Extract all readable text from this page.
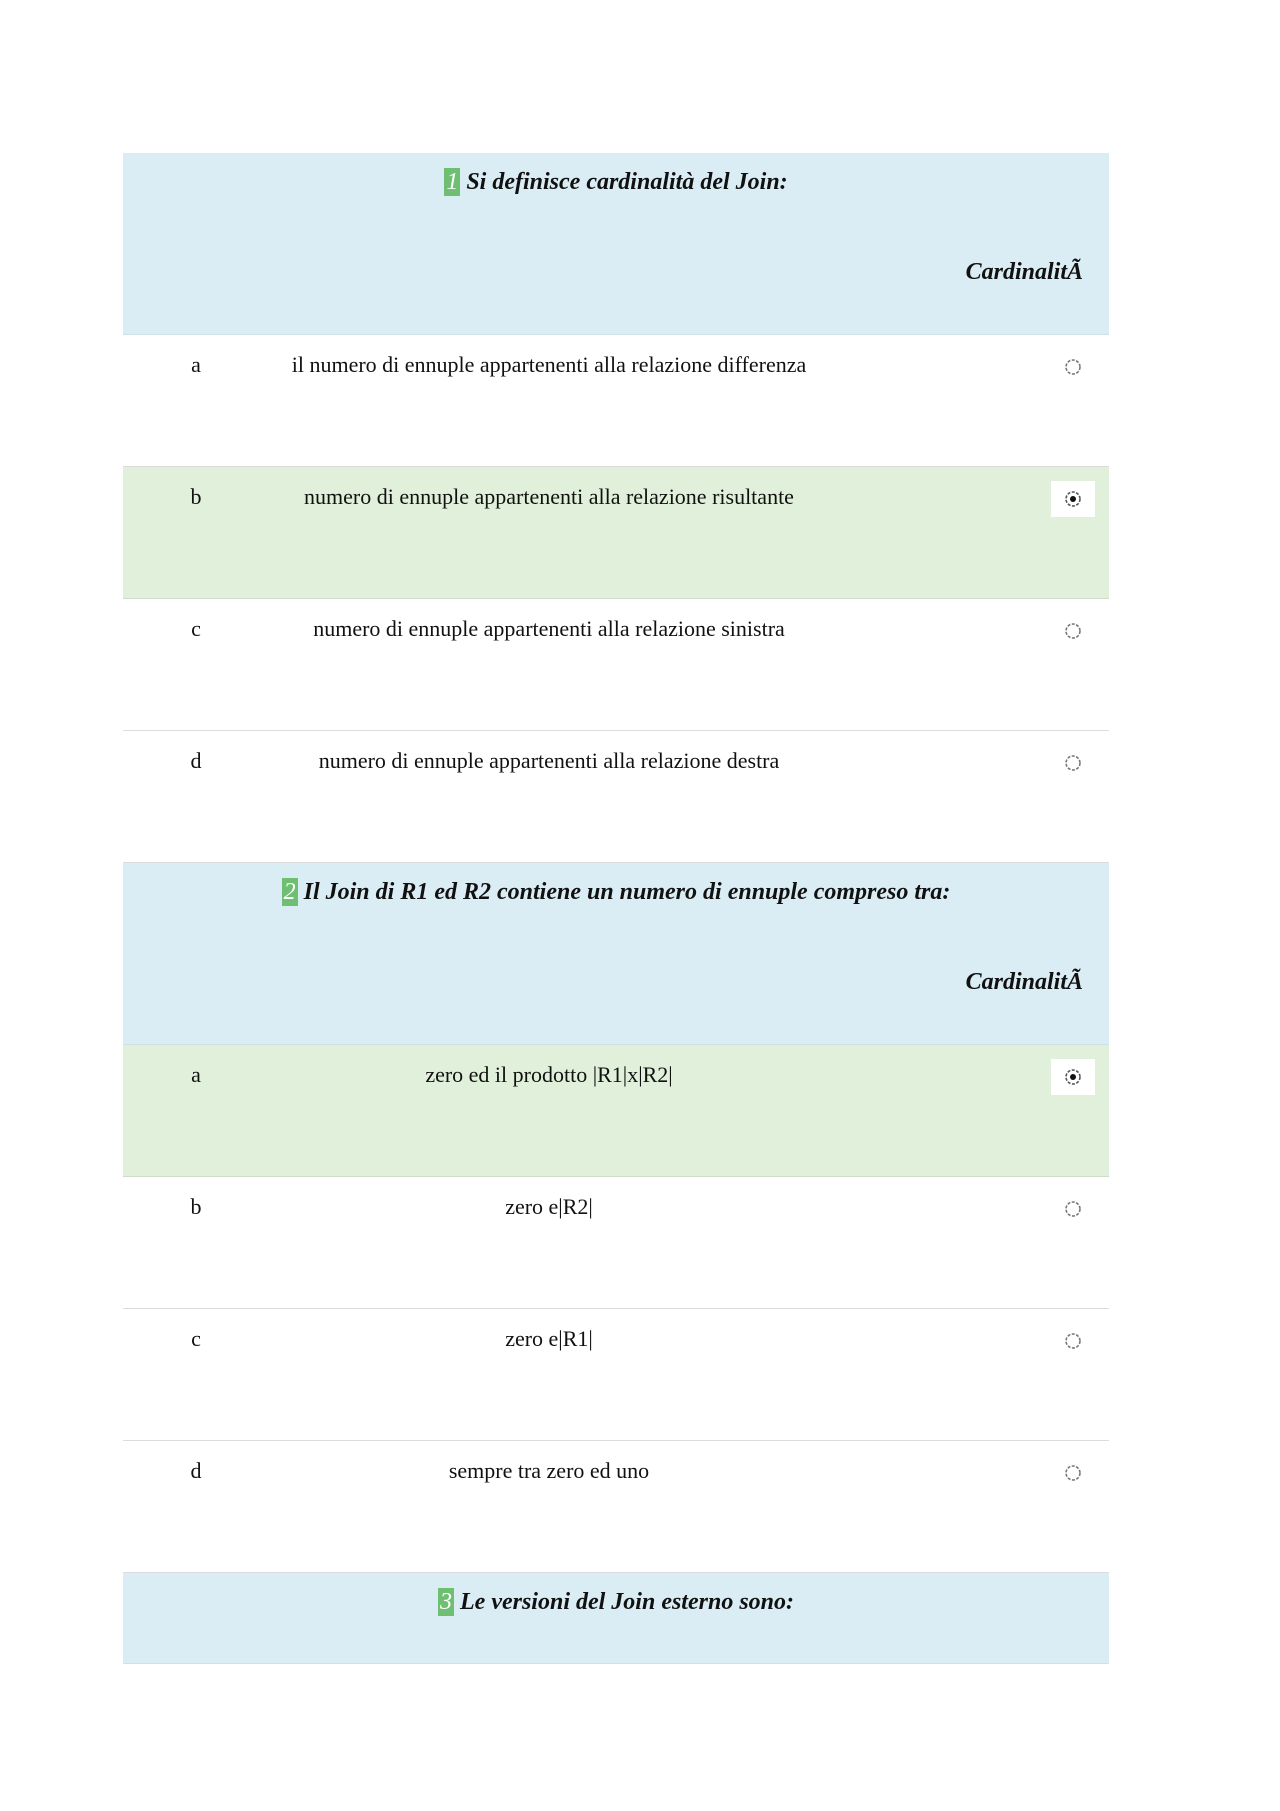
1 Si definisce cardinalità del Join:
CardinalitÃ
a	il numero di ennuple appartenenti alla relazione differenza
b	numero di ennuple appartenenti alla relazione risultante
c	numero di ennuple appartenenti alla relazione sinistra
d	numero di ennuple appartenenti alla relazione destra
2 Il Join di R1 ed R2 contiene un numero di ennuple compreso tra:
CardinalitÃ
a	zero ed il prodotto |R1|x|R2|
b	zero e|R2|
c	zero e|R1|
d	sempre tra zero ed uno
3 Le versioni del Join esterno sono:
